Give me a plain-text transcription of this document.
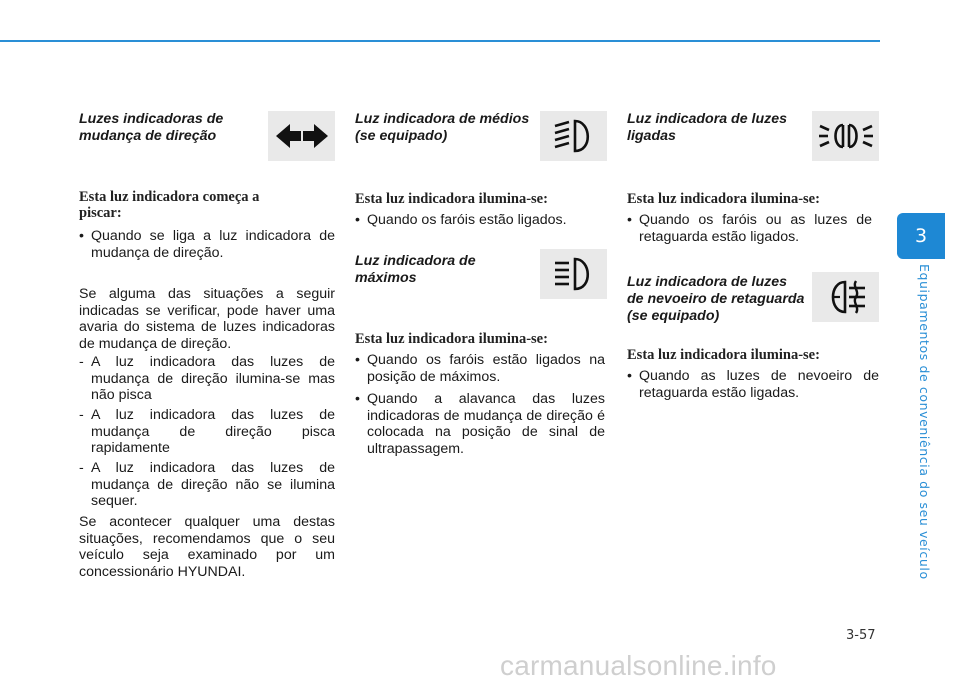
3
Equipamentos de conveniência do seu veículo
Luzes indicadoras de mudança de direção
Esta luz indicadora começa a piscar:
• Quando se liga a luz indicadora de mudança de direção.
Se alguma das situações a seguir indicadas se verificar, pode haver uma avaria do sistema de luzes indicadoras de mudança de direção.
- A luz indicadora das luzes de mudança de direção ilumina-se mas não pisca
- A luz indicadora das luzes de mudança de direção pisca rapidamente
- A luz indicadora das luzes de mudança de direção não se ilumina sequer.
Se acontecer qualquer uma destas situações, recomendamos que o seu veículo seja examinado por um concessionário HYUNDAI.
Luz indicadora de médios (se equipado)
Esta luz indicadora ilumina-se:
• Quando os faróis estão ligados.
Luz indicadora de máximos
Esta luz indicadora ilumina-se:
• Quando os faróis estão ligados na posição de máximos.
• Quando a alavanca das luzes indicadoras de mudança de direção é colocada na posição de sinal de ultrapassagem.
Luz indicadora de luzes ligadas
Esta luz indicadora ilumina-se:
• Quando os faróis ou as luzes de retaguarda estão ligados.
Luz indicadora de luzes de nevoeiro de retaguarda (se equipado)
Esta luz indicadora ilumina-se:
• Quando as luzes de nevoeiro de retaguarda estão ligadas.
3-57
carmanualsonline.info
